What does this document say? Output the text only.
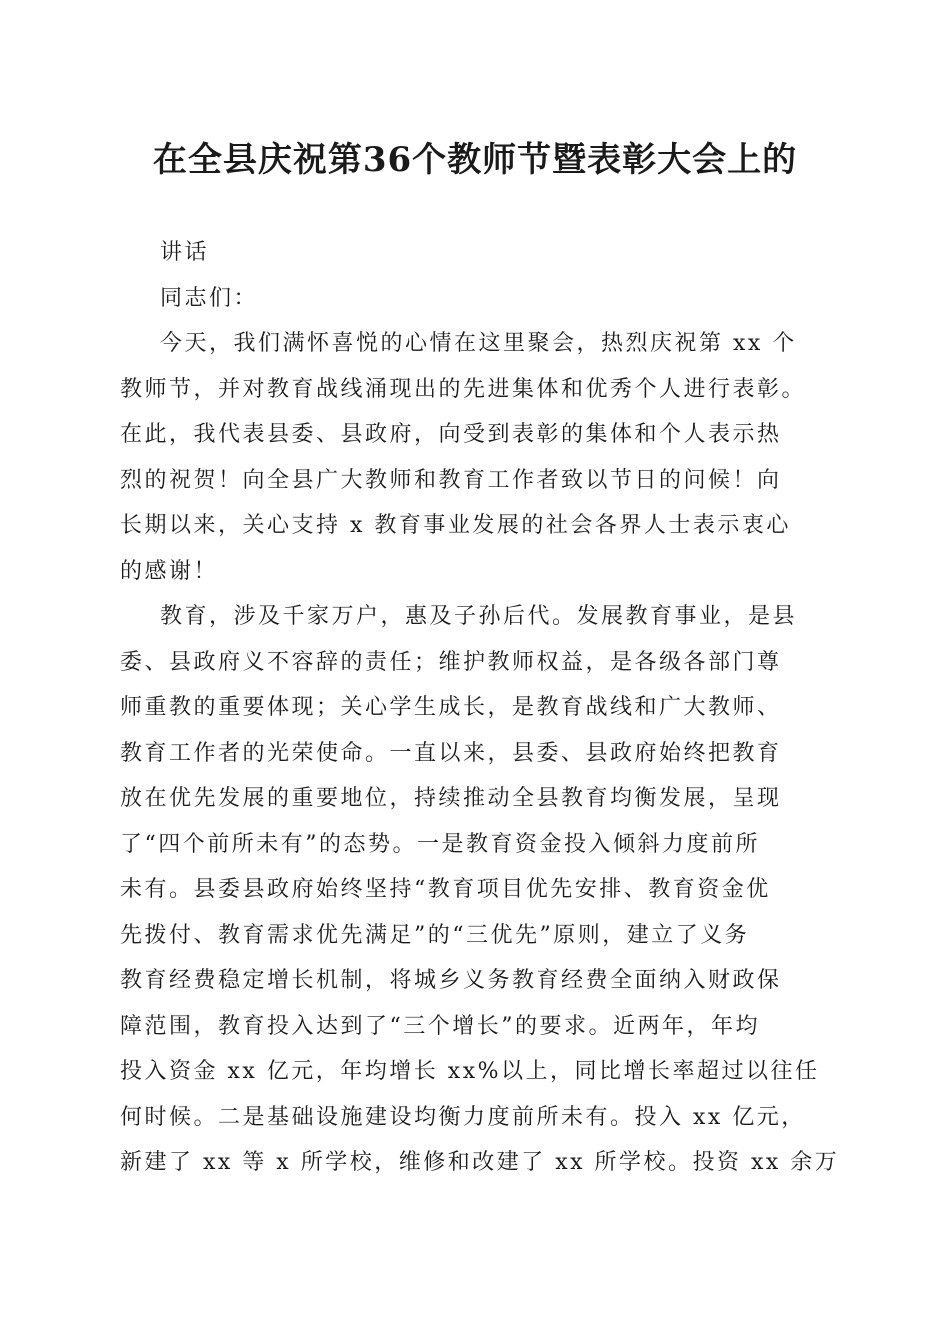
在全县庆祝第36个教师节暨表彰大会上的
讲话
同志们：
今天，我们满怀喜悦的心情在这里聚会，热烈庆祝第 xx 个
教师节，并对教育战线涌现出的先进集体和优秀个人进行表彰。
在此，我代表县委、县政府，向受到表彰的集体和个人表示热
烈的祝贺！向全县广大教师和教育工作者致以节日的问候！向
长期以来，关心支持 x 教育事业发展的社会各界人士表示衷心
的感谢！
教育，涉及千家万户，惠及子孙后代。发展教育事业，是县
委、县政府义不容辞的责任；维护教师权益，是各级各部门尊
师重教的重要体现；关心学生成长，是教育战线和广大教师、
教育工作者的光荣使命。一直以来，县委、县政府始终把教育
放在优先发展的重要地位，持续推动全县教育均衡发展，呈现
了“四个前所未有”的态势。一是教育资金投入倾斜力度前所
未有。县委县政府始终坚持“教育项目优先安排、教育资金优
先拨付、教育需求优先满足”的“三优先”原则，建立了义务
教育经费稳定增长机制，将城乡义务教育经费全面纳入财政保
障范围，教育投入达到了“三个增长”的要求。近两年，年均
投入资金 xx 亿元，年均增长 xx%以上，同比增长率超过以往任
何时候。二是基础设施建设均衡力度前所未有。投入 xx 亿元，
新建了 xx 等 x 所学校，维修和改建了 xx 所学校。投资 xx 余万
